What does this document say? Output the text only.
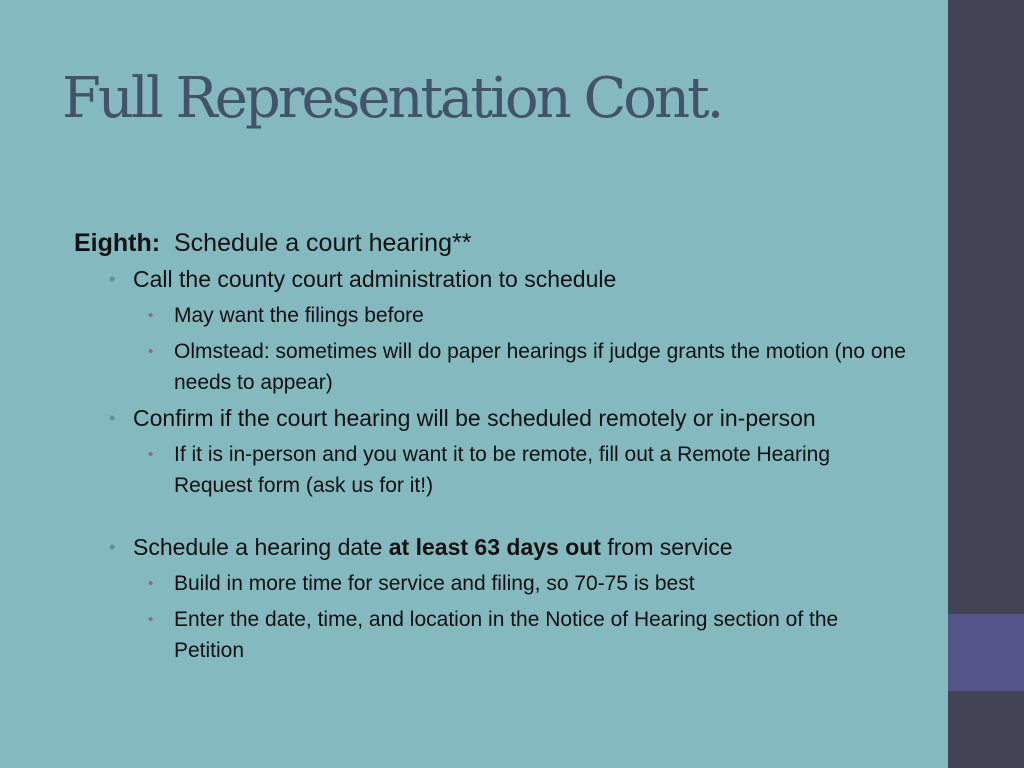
Full Representation Cont.

Eighth: Schedule a court hearing**

• Call the county court administration to schedule
• May want the filings before
• Olmstead: sometimes will do paper hearings if judge grants the motion (no one needs to appear)
• Confirm if the court hearing will be scheduled remotely or in-person
• If it is in-person and you want it to be remote, fill out a Remote Hearing Request form (ask us for it!)
• Schedule a hearing date at least 63 days out from service
• Build in more time for service and filing, so 70-75 is best
• Enter the date, time, and location in the Notice of Hearing section of the Petition
